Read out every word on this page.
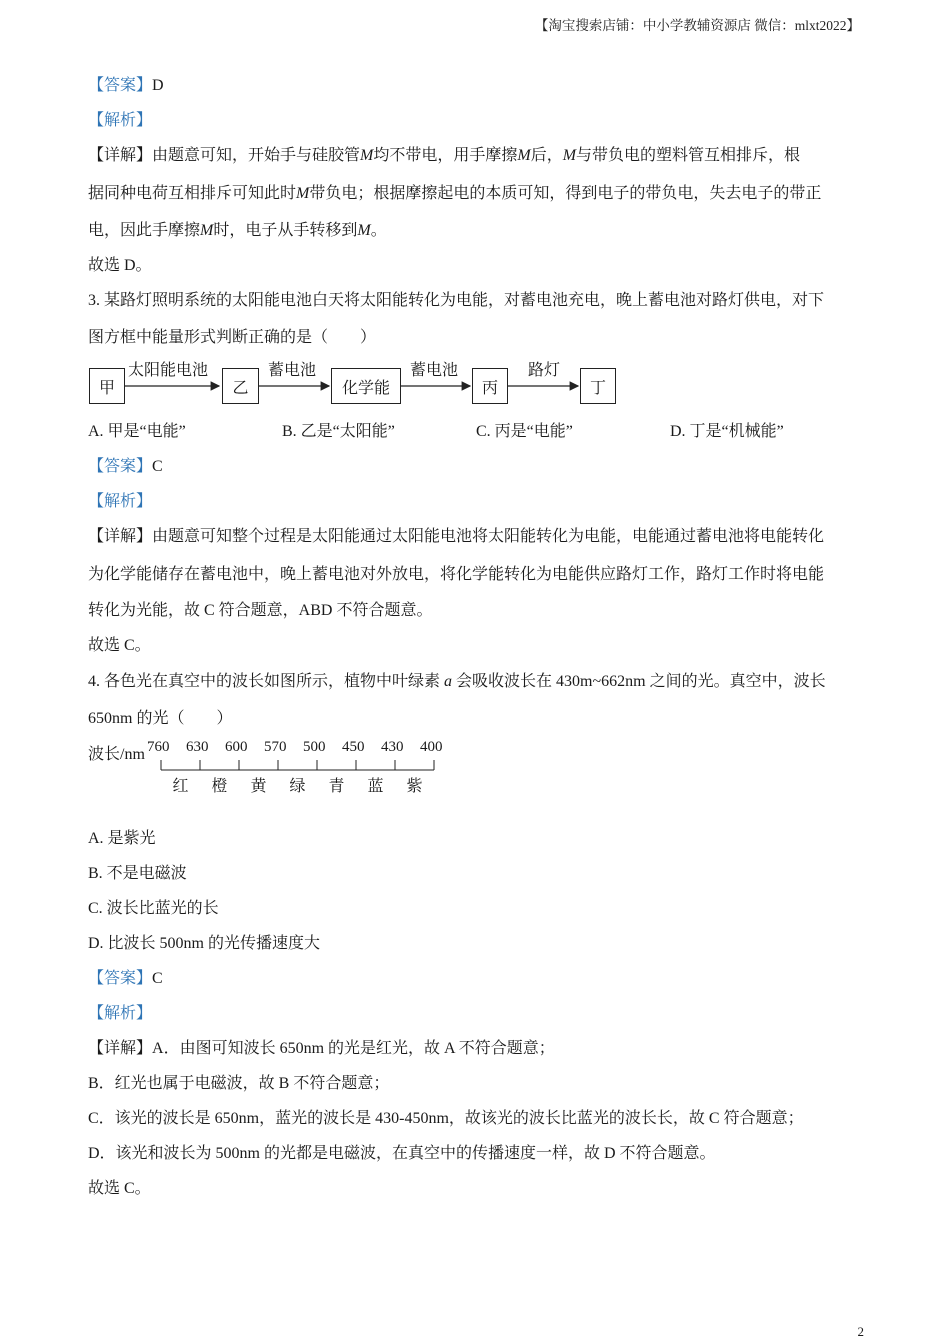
【淘宝搜索店铺：中小学教辅资源店 微信：mlxt2022】
【答案】D
【解析】
【详解】由题意可知，开始手与硅胶管M均不带电，用手摩擦M后，M与带负电的塑料管互相排斥，根
据同种电荷互相排斥可知此时M带负电；根据摩擦起电的本质可知，得到电子的带负电，失去电子的带正
电，因此手摩擦M时，电子从手转移到M。
故选 D。
3. 某路灯照明系统的太阳能电池白天将太阳能转化为电能，对蓄电池充电，晚上蓄电池对路灯供电，对下
图方框中能量形式判断正确的是（　　）
甲
太阳能电池
乙
蓄电池
化学能
蓄电池
丙
路灯
丁
A. 甲是“电能”	B. 乙是“太阳能”	C. 丙是“电能”	D. 丁是“机械能”
【答案】C
【解析】
【详解】由题意可知整个过程是太阳能通过太阳能电池将太阳能转化为电能，电能通过蓄电池将电能转化
为化学能储存在蓄电池中，晚上蓄电池对外放电，将化学能转化为电能供应路灯工作，路灯工作时将电能
转化为光能，故 C 符合题意，ABD 不符合题意。
故选 C。
4. 各色光在真空中的波长如图所示，植物中叶绿素 a 会吸收波长在 430m~662nm 之间的光。真空中，波长
650nm 的光（　　）
波长/nm 760 630 600 570 500 450 430 400
红 橙 黄 绿 青 蓝 紫
A. 是紫光
B. 不是电磁波
C. 波长比蓝光的长
D. 比波长 500nm 的光传播速度大
【答案】C
【解析】
【详解】A．由图可知波长 650nm 的光是红光，故 A 不符合题意；
B．红光也属于电磁波，故 B 不符合题意；
C．该光的波长是 650nm，蓝光的波长是 430-450nm，故该光的波长比蓝光的波长长，故 C 符合题意；
D．该光和波长为 500nm 的光都是电磁波，在真空中的传播速度一样，故 D 不符合题意。
故选 C。
2
